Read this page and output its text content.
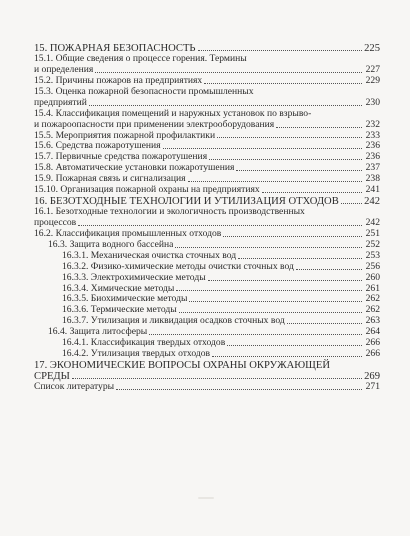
15. ПОЖАРНАЯ БЕЗОПАСНОСТЬ	225
15.1. Общие сведения о процессе горения. Термины
и определения	227
15.2. Причины пожаров на предприятиях	229
15.3. Оценка пожарной безопасности промышленных
предприятий	230
15.4. Классификация помещений и наружных установок по взрыво-
и пожароопасности при применении электрооборудования	232
15.5. Мероприятия пожарной профилактики	233
15.6. Средства пожаротушения	236
15.7. Первичные средства пожаротушения	236
15.8. Автоматические установки пожаротушения	237
15.9. Пожарная связь и сигнализация	238
15.10. Организация пожарной охраны на предприятиях	241
16. БЕЗОТХОДНЫЕ ТЕХНОЛОГИИ И УТИЛИЗАЦИЯ ОТХОДОВ 242
16.1. Безотходные технологии и экологичность производственных
процессов	242
16.2. Классификация промышленных отходов	251
16.3. Защита водного бассейна	252
16.3.1. Механическая очистка сточных вод	253
16.3.2. Физико-химические методы очистки сточных вод	256
16.3.3. Электрохимические методы	260
16.3.4. Химические методы	261
16.3.5. Биохимические методы	262
16.3.6. Термические методы	262
16.3.7. Утилизация и ликвидация осадков сточных вод	263
16.4. Защита литосферы	264
16.4.1. Классификация твердых отходов	266
16.4.2. Утилизация твердых отходов	266
17. ЭКОНОМИЧЕСКИЕ ВОПРОСЫ ОХРАНЫ ОКРУЖАЮЩЕЙ
СРЕДЫ	269
Список литературы	271
